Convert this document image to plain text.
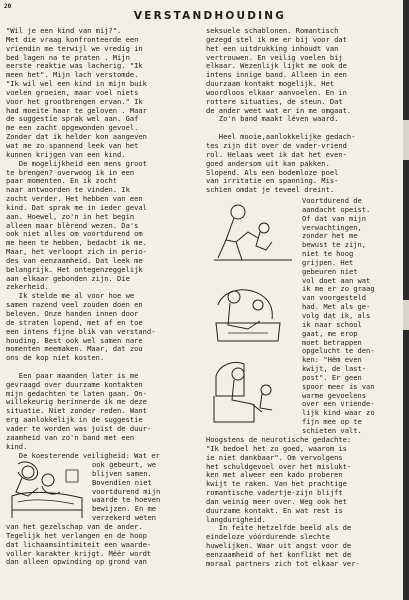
20
VERSTANDHOUDING
"Wil je een kind van mij?".
Met die vraag konfronteerde een
vriendin me terwijl we vredig in
bed lagen na te praten . Mijn
eerste reaktie was lacherig. "Ik
meen het". Mijn lach verstomde.
"Ik wil wel een kind in mijn buik
voelen groeien, maar voel niets
voor het grootbrengen ervan." Ik
had moeite haar te geloven . Maar
de suggestie sprak wel aan. Gaf
me een zacht opgewonden gevoel.
Zonder dat ik helder kon aangeven
wat me zo spannend leek van het
kunnen krijgen van een kind.
De mogelijkheid een mens groot
te brengen? overwoog ik in een
paar momenten. En ik zocht
naar antwoorden te vinden. Ik
zocht verder. Het hebben van een
kind. Dat sprak me in ieder geval
aan. Hoewel, zo'n in het begin
alleen maar blèrend wezen. Da's
ook niet alles om voortdurend om
me heen te hebben, bedacht ik me.
Maar, het verloopt zich in perio-
des van eenzaamheid. Dat leek me
belangrijk. Het ontegenzeggelijk
aan elkaar gebonden zijn. Die
zekerheid.
Ik stelde me al voor hoe we
samen razend veel zouden doen en
beleven. Onze handen innen door
de straten lopend, met af en toe
een intens fijne blik van verstand-
houding. Best ook wel samen nare
momenten meemaken. Maar, dat zou
ons de kop niet kosten.
Een paar maanden later is me
gevraagd over duurzame kontakten
mijn gedachten te laten gaan. On-
willekeurig herinnerde ik me deze
situatie. Niet zonder reden. Want
erg aanlokkelijk in de suggestie
vader te worden was juist de duur-
zaamheid van zo'n band met een
kind.
De koesterende veiligheid: Wat er
ook gebeurt, we
blijven samen.
Bovendien niet
voortdurend mijn
waarde te hoeven
bewijzen. En me
verzekerd weten
van het gezelschap van de ander.
Tegelijk het verlangen en de hoop
dat lichaamsintimiteit een waarde-
voller karakter krijgt. Méér wordt
dan alleen opwinding op grond van
seksuele schablonen. Romantisch
gezegd stel ik me er bij voor dat
het een uitdrukking inhoudt van
vertrouwen. En veilig voelen bij
elkaar. Wezenlijk lijkt me ook de
intens innige band. Alleen in een
duurzaam kontakt mogelijk. Het
woordloos elkaar aanvoelen. En in
rottere situaties, de steun. Dat
de ander weet wat er in me omgaat.
Zo'n band maakt léven waard.
Heel mooie,aanlokkelijke gedach-
tes zijn dit over de vader-vriend
rol. Helaas weet ik dat het even-
goed andersom uit kan pakken.
Slopend. Als een bodemloze poel
van irritatie en spanning. Mis-
schien omdat je teveel dreint.
Voortdurend de
aandacht opeist.
Of dat van mijn
verwachtingen,
zonder het me
bewust te zijn,
niet te hoog
grijpen. Het
gebeuren niet
vol doet aan wat
ik me er zo graag
van voorgesteld
had. Met als ge-
volg dat ik, als
ik naar school
gaat, me erop
moet betrappen
opgelucht te den-
ken: "Hèm even
kwijt, de last-
post". Er geen
spoor meer is van
warme gevoelens
over een vriende-
lijk kind waar zo
fijn mee op te
schieten valt.
Hoogstens de neurotische gedachte:
"Ik bedoel het zo goed, waarom is
ie niet dankbaar". Om vervolgens
het schuldgevoel over het mislukt-
ken met alweer een kado proberen
kwijt te raken. Van het prachtige
romantische vadertje-zijn blijft
dan weinig meer over. Weg ook het
duurzame kontakt. En wat rest is
langdurigheid.
In feite hetzelfde beeld als de
eindeloze vóórdurende slechte
huwelijken. Waar uit angst voor de
eenzaamheid of het konflikt met de
moraal partners zich tot elkaar ver-
